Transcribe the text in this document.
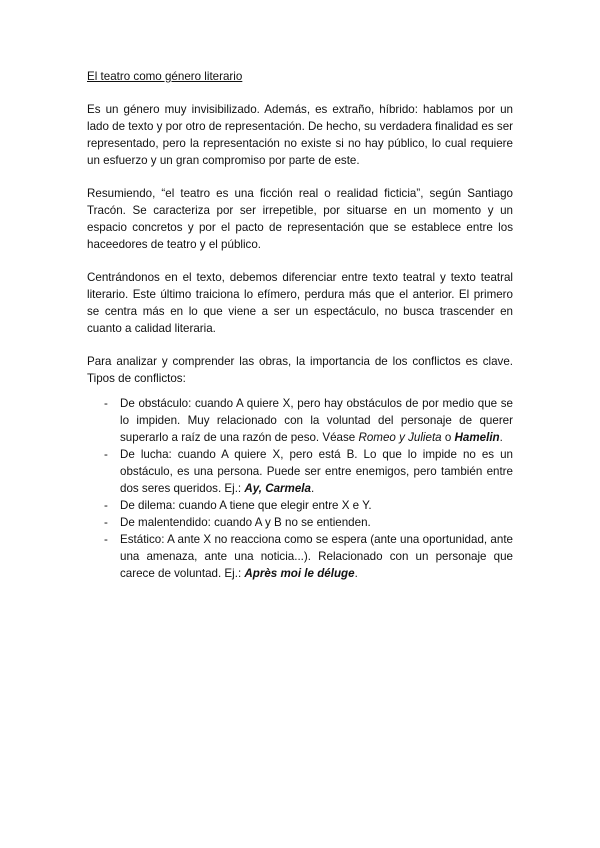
El teatro como género literario

Es un género muy invisibilizado. Además, es extraño, híbrido: hablamos por un lado de texto y por otro de representación. De hecho, su verdadera finalidad es ser representado, pero la representación no existe si no hay público, lo cual requiere un esfuerzo y un gran compromiso por parte de este.

Resumiendo, “el teatro es una ficción real o realidad ficticia”, según Santiago Tracón. Se caracteriza por ser irrepetible, por situarse en un momento y un espacio concretos y por el pacto de representación que se establece entre los haceedores de teatro y el público.

Centrándonos en el texto, debemos diferenciar entre texto teatral y texto teatral literario. Este último traiciona lo efímero, perdura más que el anterior. El primero se centra más en lo que viene a ser un espectáculo, no busca trascender en cuanto a calidad literaria.

Para analizar y comprender las obras, la importancia de los conflictos es clave. Tipos de conflictos:

- De obstáculo: cuando A quiere X, pero hay obstáculos de por medio que se lo impiden. Muy relacionado con la voluntad del personaje de querer superarlo a raíz de una razón de peso. Véase Romeo y Julieta o Hamelin.
- De lucha: cuando A quiere X, pero está B. Lo que lo impide no es un obstáculo, es una persona. Puede ser entre enemigos, pero también entre dos seres queridos. Ej.: Ay, Carmela.
- De dilema: cuando A tiene que elegir entre X e Y.
- De malentendido: cuando A y B no se entienden.
- Estático: A ante X no reacciona como se espera (ante una oportunidad, ante una amenaza, ante una noticia...). Relacionado con un personaje que carece de voluntad. Ej.: Après moi le déluge.
